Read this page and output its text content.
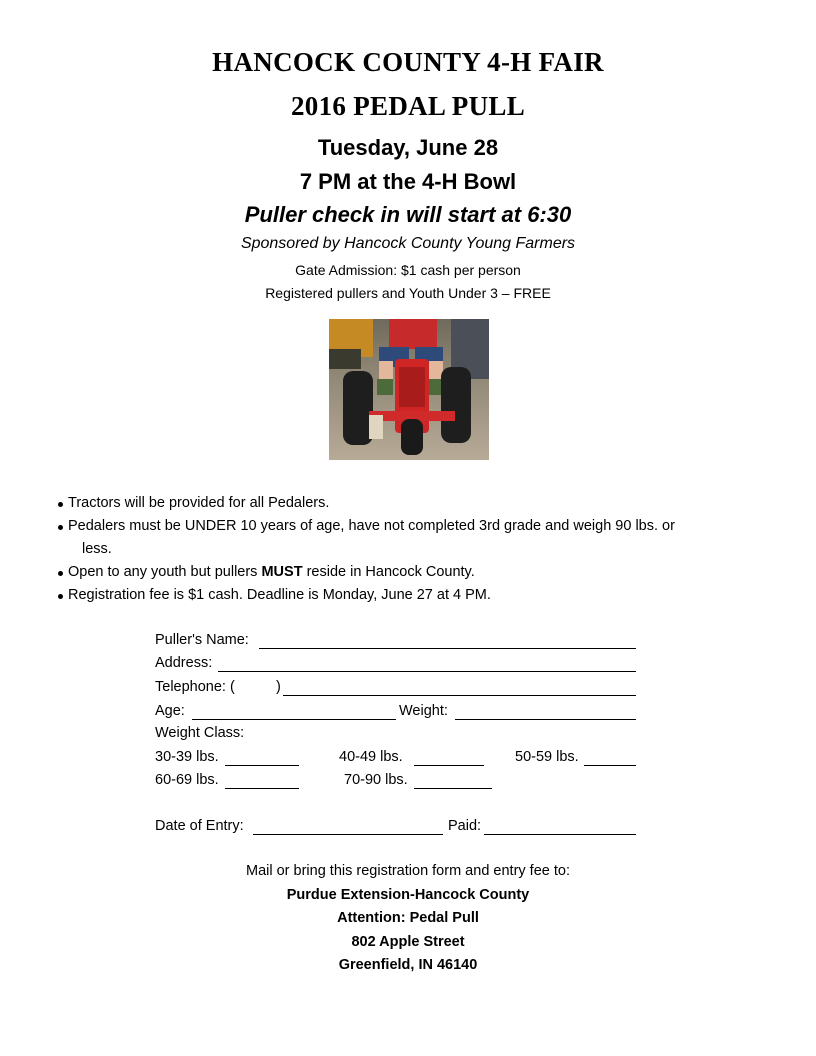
HANCOCK COUNTY 4-H FAIR
2016 PEDAL PULL
Tuesday, June 28
7 PM at the 4-H Bowl
Puller check in will start at 6:30
Sponsored by Hancock County Young Farmers
Gate Admission: $1 cash per person
Registered pullers and Youth Under 3 – FREE
Tractors will be provided for all Pedalers.
Pedalers must be UNDER 10 years of age, have not completed 3rd grade and weigh 90 lbs. or
less.
Open to any youth but pullers MUST reside in Hancock County.
Registration fee is $1 cash. Deadline is Monday, June 27 at 4 PM.
Puller's Name:
Address:
Telephone: (	)
Age:	Weight:
Weight Class:
30-39 lbs.	40-49 lbs.	50-59 lbs.
60-69 lbs.	70-90 lbs.
Date of Entry:	Paid:
Mail or bring this registration form and entry fee to:
Purdue Extension-Hancock County
Attention: Pedal Pull
802 Apple Street
Greenfield, IN 46140
